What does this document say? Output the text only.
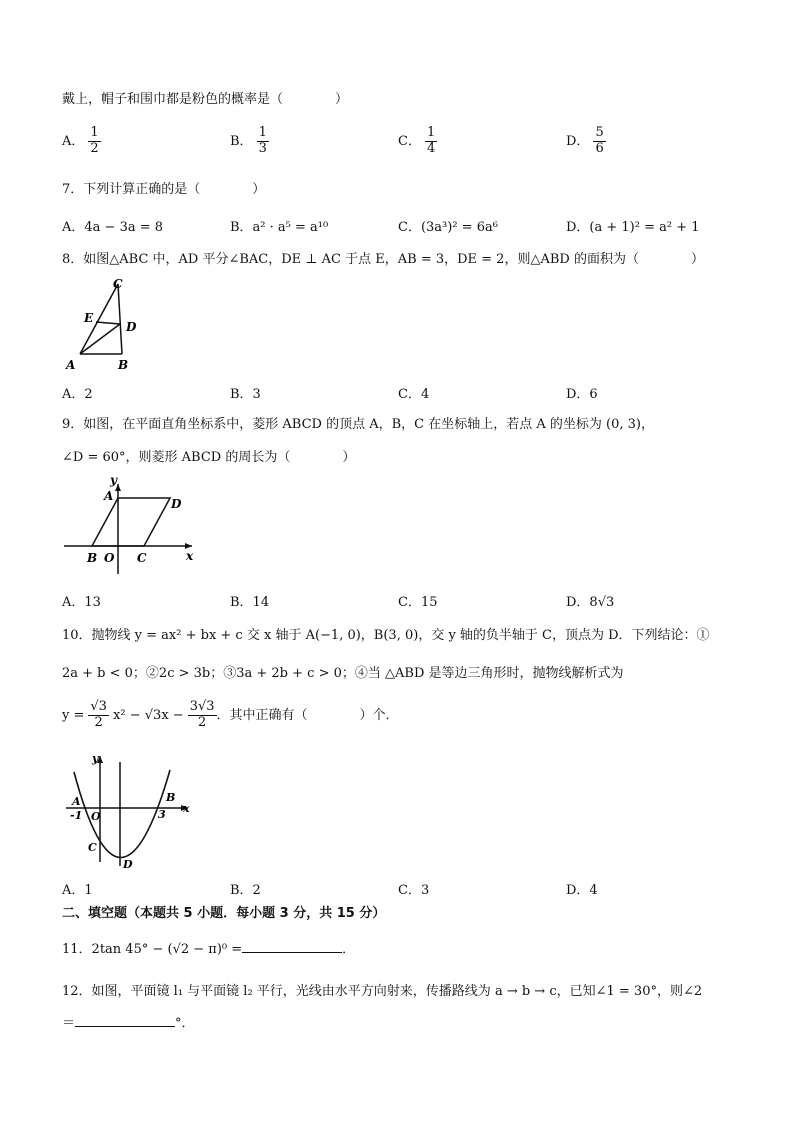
戴上，帽子和围巾都是粉色的概率是（　　　　）
A． $\frac{1}{2}$	B． $\frac{1}{3}$	C． $\frac{1}{4}$	D． $\frac{5}{6}$
7．下列计算正确的是（　　　　）
A．4a − 3a = 8	B．a² · a⁵ = a¹⁰	C．(3a³)² = 6a⁶	D．(a + 1)² = a² + 1
8．如图△ABC 中，AD 平分∠BAC，DE ⊥ AC 于点 E，AB = 3，DE = 2，则△ABD 的面积为（　　　　）
C
E
D
A	B
A．2	B．3	C．4	D．6
9．如图，在平面直角坐标系中，菱形 ABCD 的顶点 A，B，C 在坐标轴上，若点 A 的坐标为 (0, 3)，
∠D = 60°，则菱形 ABCD 的周长为（　　　　）
y
A
D
B O C	x
A．13	B．14	C．15	D．8√3
10．抛物线 y = ax² + bx + c 交 x 轴于 A(−1, 0)，B(3, 0)，交 y 轴的负半轴于 C，顶点为 D．下列结论：①
2a + b < 0；②2c > 3b；③3a + 2b + c > 0；④当 △ABD 是等边三角形时，抛物线解析式为
$y = \frac{√3}{2} x^2 - √3x - \frac{3√3}{2}$ ．其中正确有（　　　　）个．
y
A
-1 O
B
3 x
C
D
A．1	B．2	C．3	D．4
二、填空题（本题共 5 小题．每小题 3 分，共 15 分）
11．2tan 45° − (√2 − π)⁰ =	．
12．如图，平面镜 l₁ 与平面镜 l₂ 平行，光线由水平方向射来，传播路线为 a → b → c，已知∠1 = 30°，则∠2
＝	°．
